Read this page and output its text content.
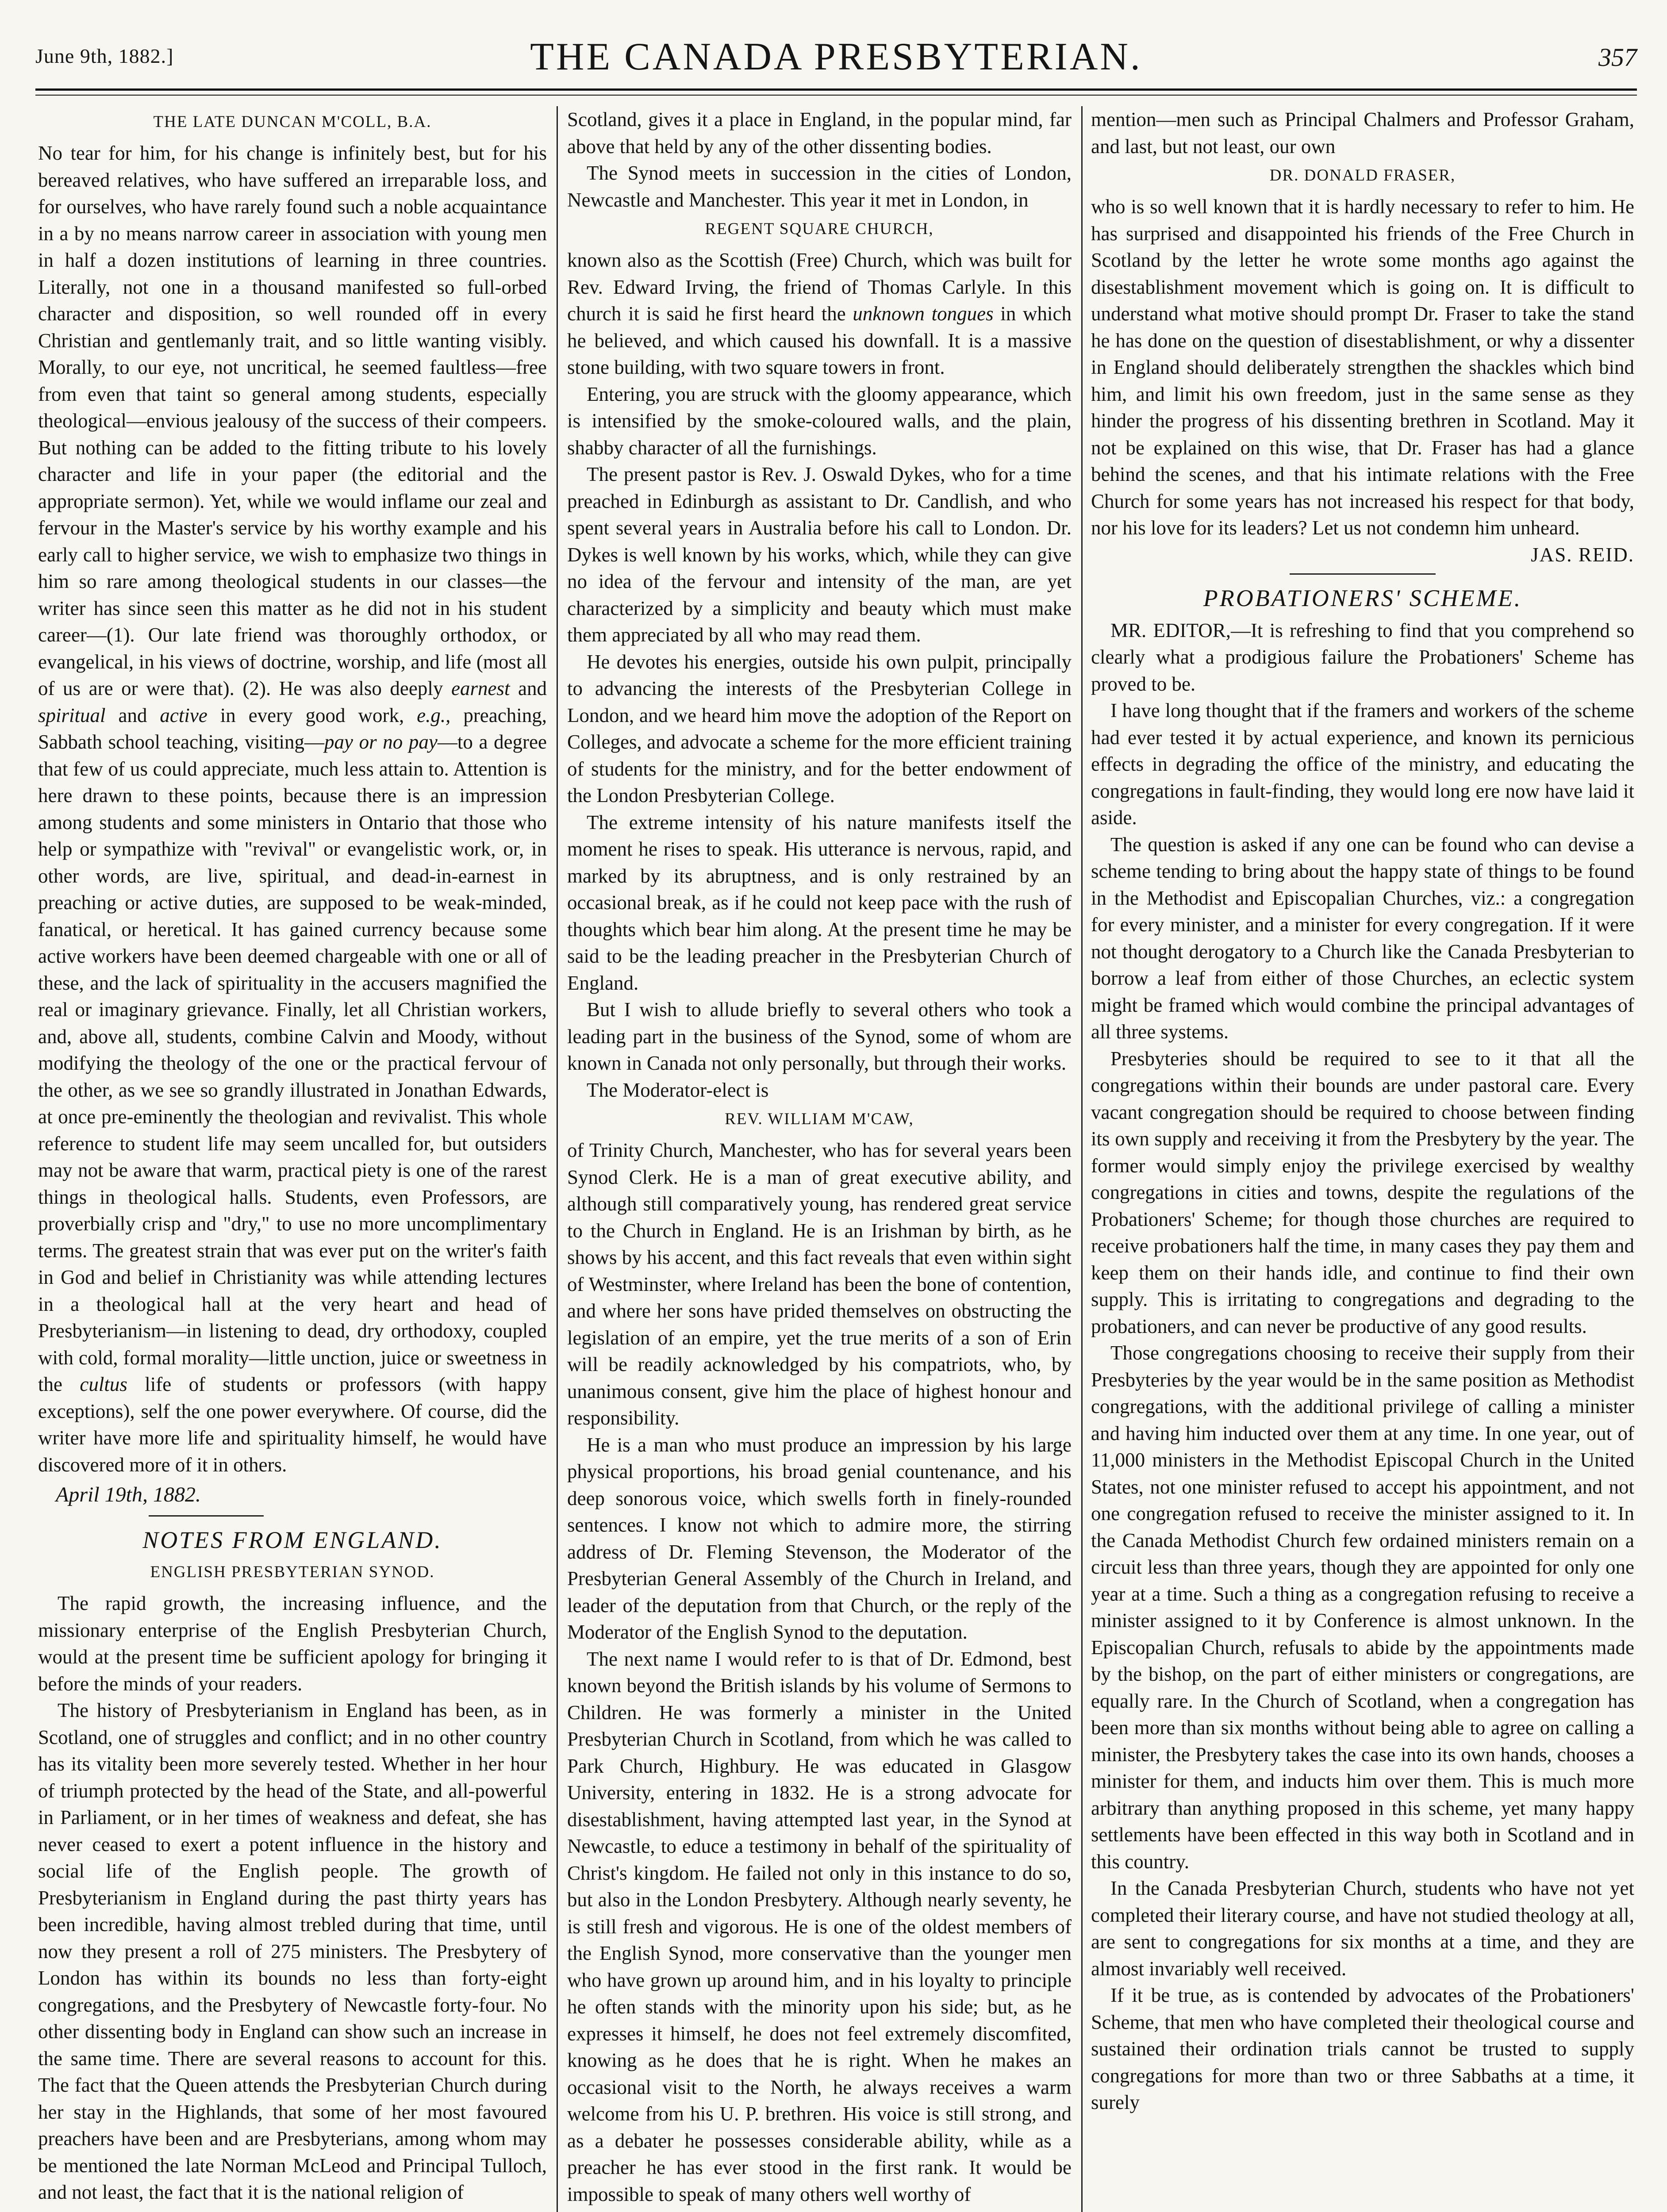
June 9th, 1882.]	THE CANADA PRESBYTERIAN.	357
THE LATE DUNCAN M'COLL, B.A.

No tear for him, for his change is infinitely best, but for his bereaved relatives, who have suffered an irreparable loss, and for ourselves, who have rarely found such a noble acquaintance in a by no means narrow career in association with young men in half a dozen institutions of learning in three countries. Literally, not one in a thousand manifested so full-orbed character and disposition, so well rounded off in every Christian and gentlemanly trait, and so little wanting visibly. Morally, to our eye, not uncritical, he seemed faultless—free from even that taint so general among students, especially theological—envious jealousy of the success of their compeers. But nothing can be added to the fitting tribute to his lovely character and life in your paper (the editorial and the appropriate sermon). Yet, while we would inflame our zeal and fervour in the Master's service by his worthy example and his early call to higher service, we wish to emphasize two things in him so rare among theological students in our classes—the writer has since seen this matter as he did not in his student career—(1). Our late friend was thoroughly orthodox, or evangelical, in his views of doctrine, worship, and life (most all of us are or were that). (2). He was also deeply earnest and spiritual and active in every good work, e.g., preaching, Sabbath school teaching, visiting—pay or no pay—to a degree that few of us could appreciate, much less attain to. Attention is here drawn to these points, because there is an impression among students and some ministers in Ontario that those who help or sympathize with "revival" or evangelistic work, or, in other words, are live, spiritual, and dead-in-earnest in preaching or active duties, are supposed to be weak-minded, fanatical, or heretical. It has gained currency because some active workers have been deemed chargeable with one or all of these, and the lack of spirituality in the accusers magnified the real or imaginary grievance. Finally, let all Christian workers, and, above all, students, combine Calvin and Moody, without modifying the theology of the one or the practical fervour of the other, as we see so grandly illustrated in Jonathan Edwards, at once pre-eminently the theologian and revivalist. This whole reference to student life may seem uncalled for, but outsiders may not be aware that warm, practical piety is one of the rarest things in theological halls. Students, even Professors, are proverbially crisp and "dry," to use no more uncomplimentary terms. The greatest strain that was ever put on the writer's faith in God and belief in Christianity was while attending lectures in a theological hall at the very heart and head of Presbyterianism—in listening to dead, dry orthodoxy, coupled with cold, formal morality—little unction, juice or sweetness in the cultus life of students or professors (with happy exceptions), self the one power everywhere. Of course, did the writer have more life and spirituality himself, he would have discovered more of it in others.

April 19th, 1882.
NOTES FROM ENGLAND.
ENGLISH PRESBYTERIAN SYNOD.

The rapid growth, the increasing influence, and the missionary enterprise of the English Presbyterian Church, would at the present time be sufficient apology for bringing it before the minds of your readers.

The history of Presbyterianism in England has been, as in Scotland, one of struggles and conflict; and in no other country has its vitality been more severely tested. Whether in her hour of triumph protected by the head of the State, and all-powerful in Parliament, or in her times of weakness and defeat, she has never ceased to exert a potent influence in the history and social life of the English people. The growth of Presbyterianism in England during the past thirty years has been incredible, having almost trebled during that time, until now they present a roll of 275 ministers. The Presbytery of London has within its bounds no less than forty-eight congregations, and the Presbytery of Newcastle forty-four. No other dissenting body in England can show such an increase in the same time. There are several reasons to account for this. The fact that the Queen attends the Presbyterian Church during her stay in the Highlands, that some of her most favoured preachers have been and are Presbyterians, among whom may be mentioned the late Norman McLeod and Principal Tulloch, and not least, the fact that it is the national religion of

Scotland, gives it a place in England, in the popular mind, far above that held by any of the other dissenting bodies.

The Synod meets in succession in the cities of London, Newcastle and Manchester. This year it met in London, in

REGENT SQUARE CHURCH,

known also as the Scottish (Free) Church, which was built for Rev. Edward Irving, the friend of Thomas Carlyle. In this church it is said he first heard the unknown tongues in which he believed, and which caused his downfall. It is a massive stone building, with two square towers in front.

Entering, you are struck with the gloomy appearance, which is intensified by the smoke-coloured walls, and the plain, shabby character of all the furnishings.

The present pastor is Rev. J. Oswald Dykes, who for a time preached in Edinburgh as assistant to Dr. Candlish, and who spent several years in Australia before his call to London. Dr. Dykes is well known by his works, which, while they can give no idea of the fervour and intensity of the man, are yet characterized by a simplicity and beauty which must make them appreciated by all who may read them.

He devotes his energies, outside his own pulpit, principally to advancing the interests of the Presbyterian College in London, and we heard him move the adoption of the Report on Colleges, and advocate a scheme for the more efficient training of students for the ministry, and for the better endowment of the London Presbyterian College.

The extreme intensity of his nature manifests itself the moment he rises to speak. His utterance is nervous, rapid, and marked by its abruptness, and is only restrained by an occasional break, as if he could not keep pace with the rush of thoughts which bear him along. At the present time he may be said to be the leading preacher in the Presbyterian Church of England.

But I wish to allude briefly to several others who took a leading part in the business of the Synod, some of whom are known in Canada not only personally, but through their works.

The Moderator-elect is

REV. WILLIAM M'CAW,

of Trinity Church, Manchester, who has for several years been Synod Clerk. He is a man of great executive ability, and although still comparatively young, has rendered great service to the Church in England. He is an Irishman by birth, as he shows by his accent, and this fact reveals that even within sight of Westminster, where Ireland has been the bone of contention, and where her sons have prided themselves on obstructing the legislation of an empire, yet the true merits of a son of Erin will be readily acknowledged by his compatriots, who, by unanimous consent, give him the place of highest honour and responsibility.

He is a man who must produce an impression by his large physical proportions, his broad genial countenance, and his deep sonorous voice, which swells forth in finely-rounded sentences. I know not which to admire more, the stirring address of Dr. Fleming Stevenson, the Moderator of the Presbyterian General Assembly of the Church in Ireland, and leader of the deputation from that Church, or the reply of the Moderator of the English Synod to the deputation.

The next name I would refer to is that of Dr. Edmond, best known beyond the British islands by his volume of Sermons to Children. He was formerly a minister in the United Presbyterian Church in Scotland, from which he was called to Park Church, Highbury. He was educated in Glasgow University, entering in 1832. He is a strong advocate for disestablishment, having attempted last year, in the Synod at Newcastle, to educe a testimony in behalf of the spirituality of Christ's kingdom. He failed not only in this instance to do so, but also in the London Presbytery. Although nearly seventy, he is still fresh and vigorous. He is one of the oldest members of the English Synod, more conservative than the younger men who have grown up around him, and in his loyalty to principle he often stands with the minority upon his side; but, as he expresses it himself, he does not feel extremely discomfited, knowing as he does that he is right. When he makes an occasional visit to the North, he always receives a warm welcome from his U. P. brethren. His voice is still strong, and as a debater he possesses considerable ability, while as a preacher he has ever stood in the first rank. It would be impossible to speak of many others well worthy of

mention—men such as Principal Chalmers and Professor Graham, and last, but not least, our own

DR. DONALD FRASER,

who is so well known that it is hardly necessary to refer to him. He has surprised and disappointed his friends of the Free Church in Scotland by the letter he wrote some months ago against the disestablishment movement which is going on. It is difficult to understand what motive should prompt Dr. Fraser to take the stand he has done on the question of disestablishment, or why a dissenter in England should deliberately strengthen the shackles which bind him, and limit his own freedom, just in the same sense as they hinder the progress of his dissenting brethren in Scotland. May it not be explained on this wise, that Dr. Fraser has had a glance behind the scenes, and that his intimate relations with the Free Church for some years has not increased his respect for that body, nor his love for its leaders? Let us not condemn him unheard.

JAS. REID.
PROBATIONERS' SCHEME.

MR. EDITOR,—It is refreshing to find that you comprehend so clearly what a prodigious failure the Probationers' Scheme has proved to be.

I have long thought that if the framers and workers of the scheme had ever tested it by actual experience, and known its pernicious effects in degrading the office of the ministry, and educating the congregations in fault-finding, they would long ere now have laid it aside.

The question is asked if any one can be found who can devise a scheme tending to bring about the happy state of things to be found in the Methodist and Episcopalian Churches, viz.: a congregation for every minister, and a minister for every congregation. If it were not thought derogatory to a Church like the Canada Presbyterian to borrow a leaf from either of those Churches, an eclectic system might be framed which would combine the principal advantages of all three systems.

Presbyteries should be required to see to it that all the congregations within their bounds are under pastoral care. Every vacant congregation should be required to choose between finding its own supply and receiving it from the Presbytery by the year. The former would simply enjoy the privilege exercised by wealthy congregations in cities and towns, despite the regulations of the Probationers' Scheme; for though those churches are required to receive probationers half the time, in many cases they pay them and keep them on their hands idle, and continue to find their own supply. This is irritating to congregations and degrading to the probationers, and can never be productive of any good results.

Those congregations choosing to receive their supply from their Presbyteries by the year would be in the same position as Methodist congregations, with the additional privilege of calling a minister and having him inducted over them at any time. In one year, out of 11,000 ministers in the Methodist Episcopal Church in the United States, not one minister refused to accept his appointment, and not one congregation refused to receive the minister assigned to it. In the Canada Methodist Church few ordained ministers remain on a circuit less than three years, though they are appointed for only one year at a time. Such a thing as a congregation refusing to receive a minister assigned to it by Conference is almost unknown. In the Episcopalian Church, refusals to abide by the appointments made by the bishop, on the part of either ministers or congregations, are equally rare. In the Church of Scotland, when a congregation has been more than six months without being able to agree on calling a minister, the Presbytery takes the case into its own hands, chooses a minister for them, and inducts him over them. This is much more arbitrary than anything proposed in this scheme, yet many happy settlements have been effected in this way both in Scotland and in this country.

In the Canada Presbyterian Church, students who have not yet completed their literary course, and have not studied theology at all, are sent to congregations for six months at a time, and they are almost invariably well received.

If it be true, as is contended by advocates of the Probationers' Scheme, that men who have completed their theological course and sustained their ordination trials cannot be trusted to supply congregations for more than two or three Sabbaths at a time, it surely
